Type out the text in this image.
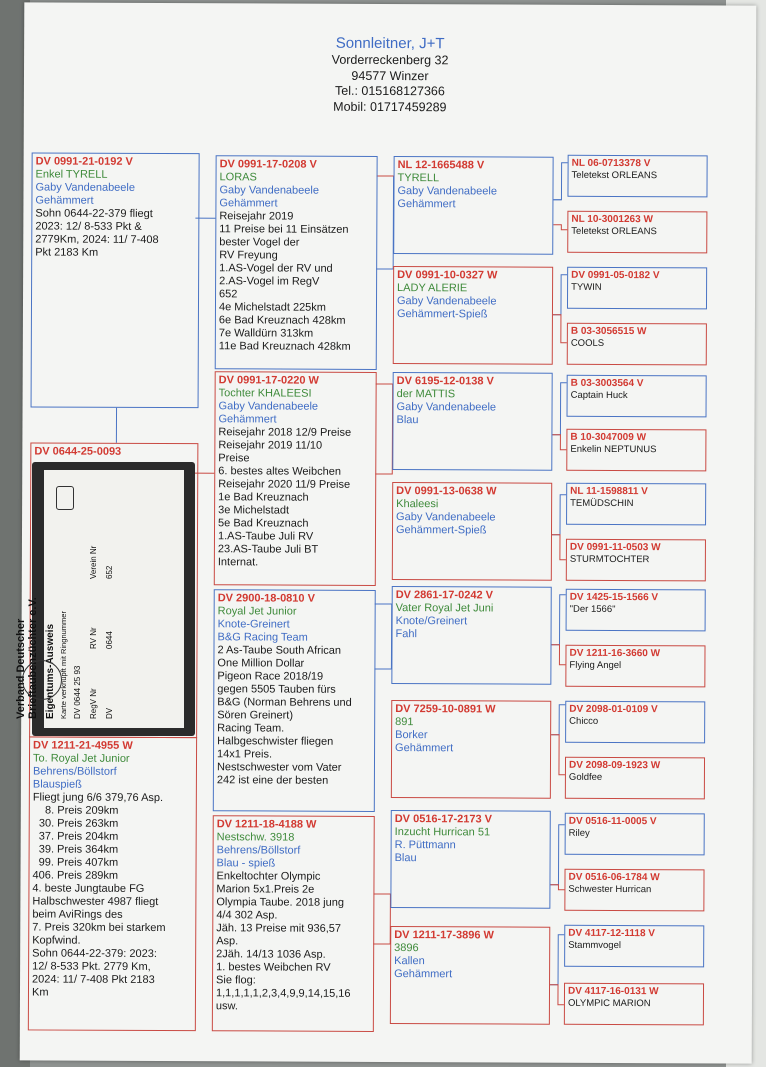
Sonnleitner, J+T
Vorderreckenberg 32
94577 Winzer
Tel.: 015168127366
Mobil: 01717459289
DV 0991-21-0192 V
Enkel TYRELL
Gaby Vandenabeele
Gehämmert
Sohn 0644-22-379 fliegt
2023: 12/ 8-533 Pkt &
2779Km, 2024: 11/ 7-408
Pkt 2183 Km
DV 0644-25-0093
DV 1211-21-4955 W
To. Royal Jet Junior
Behrens/Böllstorf
Blauspieß
Fliegt jung 6/6 379,76 Asp.
8. Preis 209km
30. Preis 263km
37. Preis 204km
39. Preis 364km
99. Preis 407km
406. Preis 289km
4. beste Jungtaube FG
Halbschwester 4987 fliegt
beim AviRings des
7. Preis 320km bei starkem
Kopfwind.
Sohn 0644-22-379: 2023:
12/ 8-533 Pkt. 2779 Km,
2024: 11/ 7-408 Pkt 2183
Km
DV 0991-17-0208 V
LORAS
Gaby Vandenabeele
Gehämmert
Reisejahr 2019
11 Preise bei 11 Einsätzen
bester Vogel der
RV Freyung
1.AS-Vogel der RV und
2.AS-Vogel im RegV
652
4e Michelstadt 225km
6e Bad Kreuznach 428km
7e Walldürn 313km
11e Bad Kreuznach 428km
DV 0991-17-0220 W
Tochter KHALEESI
Gaby Vandenabeele
Gehämmert
Reisejahr 2018 12/9 Preise
Reisejahr 2019 11/10
Preise
6. bestes altes Weibchen
Reisejahr 2020 11/9 Preise
1e Bad Kreuznach
3e Michelstadt
5e Bad Kreuznach
1.AS-Taube Juli RV
23.AS-Taube Juli BT
Internat.
DV 2900-18-0810 V
Royal Jet Junior
Knote-Greinert
B&G Racing Team
2 As-Taube South African
One Million Dollar
Pigeon Race 2018/19
gegen 5505 Tauben fürs
B&G (Norman Behrens und
Sören Greinert)
Racing Team.
Halbgeschwister fliegen
14x1 Preis.
Nestschwester vom Vater
242 ist eine der besten
DV 1211-18-4188 W
Nestschw. 3918
Behrens/Böllstorf
Blau - spieß
Enkeltochter Olympic
Marion 5x1.Preis 2e
Olympia Taube. 2018 jung
4/4 302 Asp.
Jäh. 13 Preise mit 936,57
Asp.
2Jäh. 14/13 1036 Asp.
1. bestes Weibchen RV
Sie flog:
1,1,1,1,1,2,3,4,9,9,14,15,16
usw.
NL 12-1665488 V
TYRELL
Gaby Vandenabeele
Gehämmert
DV 0991-10-0327 W
LADY ALERIE
Gaby Vandenabeele
Gehämmert-Spieß
DV 6195-12-0138 V
der MATTIS
Gaby Vandenabeele
Blau
DV 0991-13-0638 W
Khaleesi
Gaby Vandenabeele
Gehämmert-Spieß
DV 2861-17-0242 V
Vater Royal Jet Juni
Knote/Greinert
Fahl
DV 7259-10-0891 W
891
Borker
Gehämmert
DV 0516-17-2173 V
Inzucht Hurrican 51
R. Püttmann
Blau
DV 1211-17-3896 W
3896
Kallen
Gehämmert
NL 06-0713378 V
Teletekst ORLEANS
NL 10-3001263 W
Teletekst ORLEANS
DV 0991-05-0182 V
TYWIN
B 03-3056515 W
COOLS
B 03-3003564 V
Captain Huck
B 10-3047009 W
Enkelin NEPTUNUS
NL 11-1598811 V
TEMÜDSCHIN
DV 0991-11-0503 W
STURMTOCHTER
DV 1425-15-1566 V
"Der 1566"
DV 1211-16-3660 W
Flying Angel
DV 2098-01-0109 V
Chicco
DV 2098-09-1923 W
Goldfee
DV 0516-11-0005 V
Riley
DV 0516-06-1784 W
Schwester Hurrican
DV 4117-12-1118 V
Stammvogel
DV 4117-16-0131 W
OLYMPIC MARION
Verband Deutscher Brieftaubenzüchter e.V. Eigentums-Ausweis Karte verknüpft mit Ringnummer DV 0644 25 93 RegV Nr
RV Nr
Verein Nr
DV
0644
652
